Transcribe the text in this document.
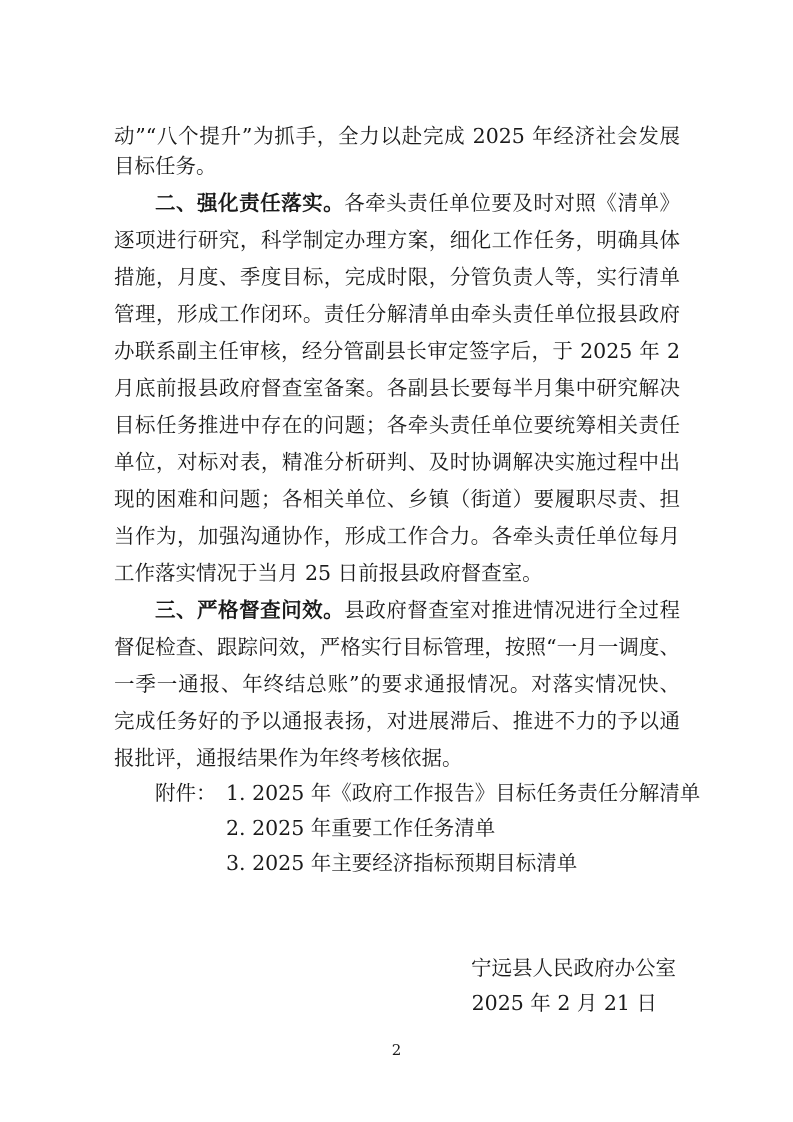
动”“八个提升”为抓手，全力以赴完成 2025 年经济社会发展
目标任务。
二、强化责任落实。各牵头责任单位要及时对照《清单》
逐项进行研究，科学制定办理方案，细化工作任务，明确具体
措施，月度、季度目标，完成时限，分管负责人等，实行清单
管理，形成工作闭环。责任分解清单由牵头责任单位报县政府
办联系副主任审核，经分管副县长审定签字后，于 2025 年 2
月底前报县政府督查室备案。各副县长要每半月集中研究解决
目标任务推进中存在的问题；各牵头责任单位要统筹相关责任
单位，对标对表，精准分析研判、及时协调解决实施过程中出
现的困难和问题；各相关单位、乡镇（街道）要履职尽责、担
当作为，加强沟通协作，形成工作合力。各牵头责任单位每月
工作落实情况于当月 25 日前报县政府督查室。
三、严格督查问效。县政府督查室对推进情况进行全过程
督促检查、跟踪问效，严格实行目标管理，按照“一月一调度、
一季一通报、年终结总账”的要求通报情况。对落实情况快、
完成任务好的予以通报表扬，对进展滞后、推进不力的予以通
报批评，通报结果作为年终考核依据。
附件： 1. 2025 年《政府工作报告》目标任务责任分解清单
2. 2025 年重要工作任务清单
3. 2025 年主要经济指标预期目标清单
宁远县人民政府办公室
2025 年 2 月 21 日
2
